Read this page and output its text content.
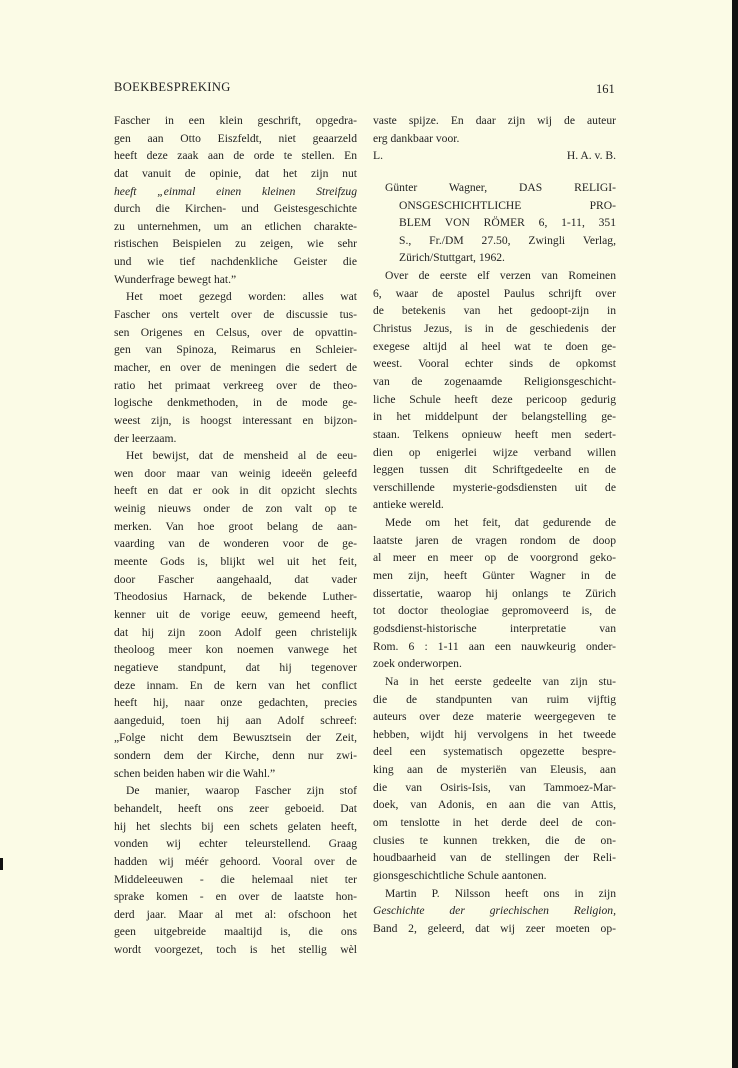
BOEKBESPREKING	161
Fascher in een klein geschrift, opgedra-
gen aan Otto Eiszfeldt, niet geaarzeld
heeft deze zaak aan de orde te stellen. En
dat vanuit de opinie, dat het zijn nut
heeft „einmal einen kleinen Streifzug
durch die Kirchen- und Geistesgeschichte
zu unternehmen, um an etlichen charakte-
ristischen Beispielen zu zeigen, wie sehr
und wie tief nachdenkliche Geister die
Wunderfrage bewegt hat.”
Het moet gezegd worden: alles wat
Fascher ons vertelt over de discussie tus-
sen Origenes en Celsus, over de opvattin-
gen van Spinoza, Reimarus en Schleier-
macher, en over de meningen die sedert de
ratio het primaat verkreeg over de theo-
logische denkmethoden, in de mode ge-
weest zijn, is hoogst interessant en bijzon-
der leerzaam.
Het bewijst, dat de mensheid al de eeu-
wen door maar van weinig ideeën geleefd
heeft en dat er ook in dit opzicht slechts
weinig nieuws onder de zon valt op te
merken. Van hoe groot belang de aan-
vaarding van de wonderen voor de ge-
meente Gods is, blijkt wel uit het feit,
door Fascher aangehaald, dat vader
Theodosius Harnack, de bekende Luther-
kenner uit de vorige eeuw, gemeend heeft,
dat hij zijn zoon Adolf geen christelijk
theoloog meer kon noemen vanwege het
negatieve standpunt, dat hij tegenover
deze innam. En de kern van het conflict
heeft hij, naar onze gedachten, precies
aangeduid, toen hij aan Adolf schreef:
„Folge nicht dem Bewusztsein der Zeit,
sondern dem der Kirche, denn nur zwi-
schen beiden haben wir die Wahl.”
De manier, waarop Fascher zijn stof
behandelt, heeft ons zeer geboeid. Dat
hij het slechts bij een schets gelaten heeft,
vonden wij echter teleurstellend. Graag
hadden wij méér gehoord. Vooral over de
Middeleeuwen - die helemaal niet ter
sprake komen - en over de laatste hon-
derd jaar. Maar al met al: ofschoon het
geen uitgebreide maaltijd is, die ons
wordt voorgezet, toch is het stellig wèl
vaste spijze. En daar zijn wij de auteur
erg dankbaar voor.
L.	H. A. v. B.
Günter Wagner, DAS RELIGI-
ONSGESCHICHTLICHE PRO-
BLEM VON RÖMER 6, 1-11, 351
S., Fr./DM 27.50, Zwingli Verlag,
Zürich/Stuttgart, 1962.
Over de eerste elf verzen van Romeinen
6, waar de apostel Paulus schrijft over
de betekenis van het gedoopt-zijn in
Christus Jezus, is in de geschiedenis der
exegese altijd al heel wat te doen ge-
weest. Vooral echter sinds de opkomst
van de zogenaamde Religionsgeschicht-
liche Schule heeft deze pericoop gedurig
in het middelpunt der belangstelling ge-
staan. Telkens opnieuw heeft men sedert-
dien op enigerlei wijze verband willen
leggen tussen dit Schriftgedeelte en de
verschillende mysterie-godsdiensten uit de
antieke wereld.
Mede om het feit, dat gedurende de
laatste jaren de vragen rondom de doop
al meer en meer op de voorgrond geko-
men zijn, heeft Günter Wagner in de
dissertatie, waarop hij onlangs te Zürich
tot doctor theologiae gepromoveerd is, de
godsdienst-historische interpretatie van
Rom. 6 : 1-11 aan een nauwkeurig onder-
zoek onderworpen.
Na in het eerste gedeelte van zijn stu-
die de standpunten van ruim vijftig
auteurs over deze materie weergegeven te
hebben, wijdt hij vervolgens in het tweede
deel een systematisch opgezette bespre-
king aan de mysteriën van Eleusis, aan
die van Osiris-Isis, van Tammoez-Mar-
doek, van Adonis, en aan die van Attis,
om tenslotte in het derde deel de con-
clusies te kunnen trekken, die de on-
houdbaarheid van de stellingen der Reli-
gionsgeschichtliche Schule aantonen.
Martin P. Nilsson heeft ons in zijn
Geschichte der griechischen Religion,
Band 2, geleerd, dat wij zeer moeten op-
